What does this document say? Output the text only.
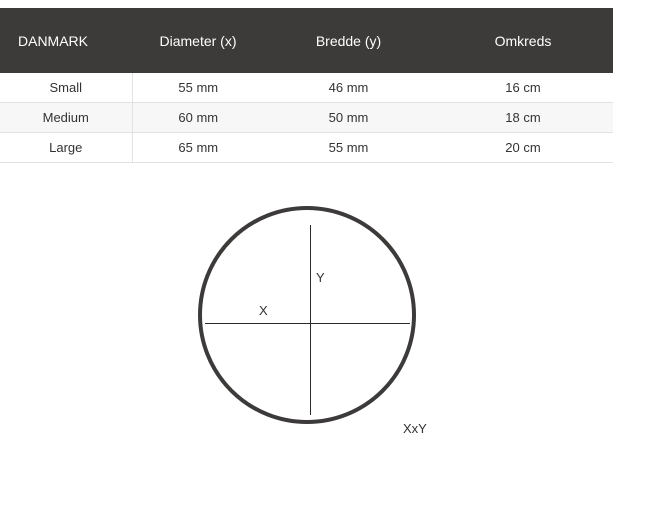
DANMARK	Diameter (x)	Bredde (y)	Omkreds
Small	55 mm	46 mm	16 cm
Medium	60 mm	50 mm	18 cm
Large	65 mm	55 mm	20 cm
Y
X
XxY
